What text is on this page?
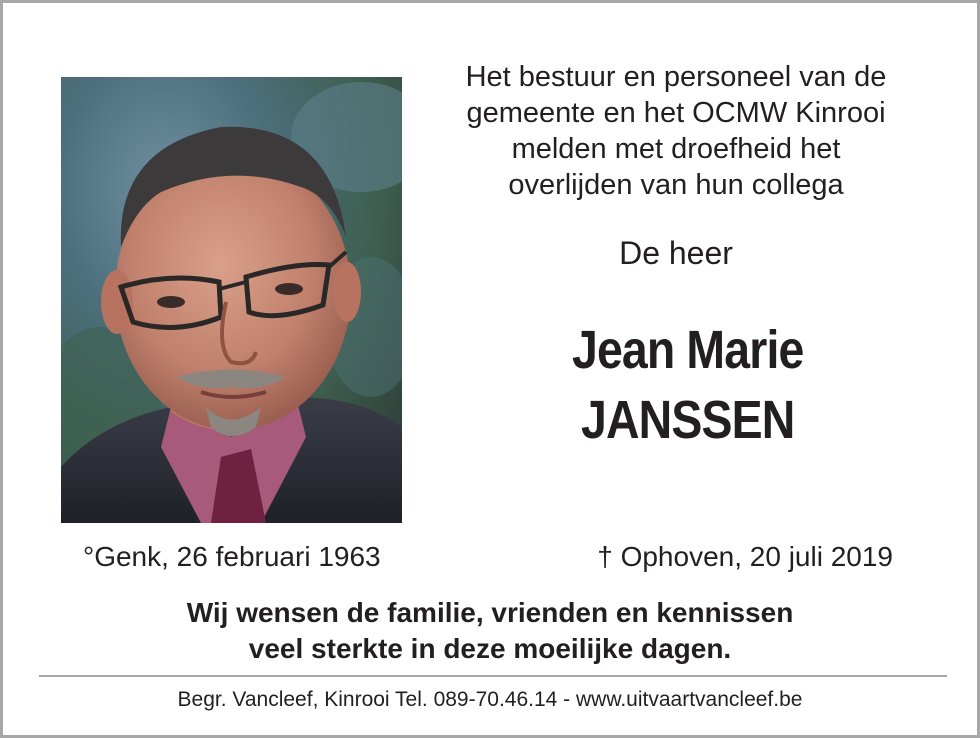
Het bestuur en personeel van de
gemeente en het OCMW Kinrooi
melden met droefheid het
overlijden van hun collega
De heer
Jean Marie
JANSSEN
°Genk, 26 februari 1963	† Ophoven, 20 juli 2019
Wij wensen de familie, vrienden en kennissen
veel sterkte in deze moeilijke dagen.
Begr. Vancleef, Kinrooi Tel. 089-70.46.14 - www.uitvaartvancleef.be
